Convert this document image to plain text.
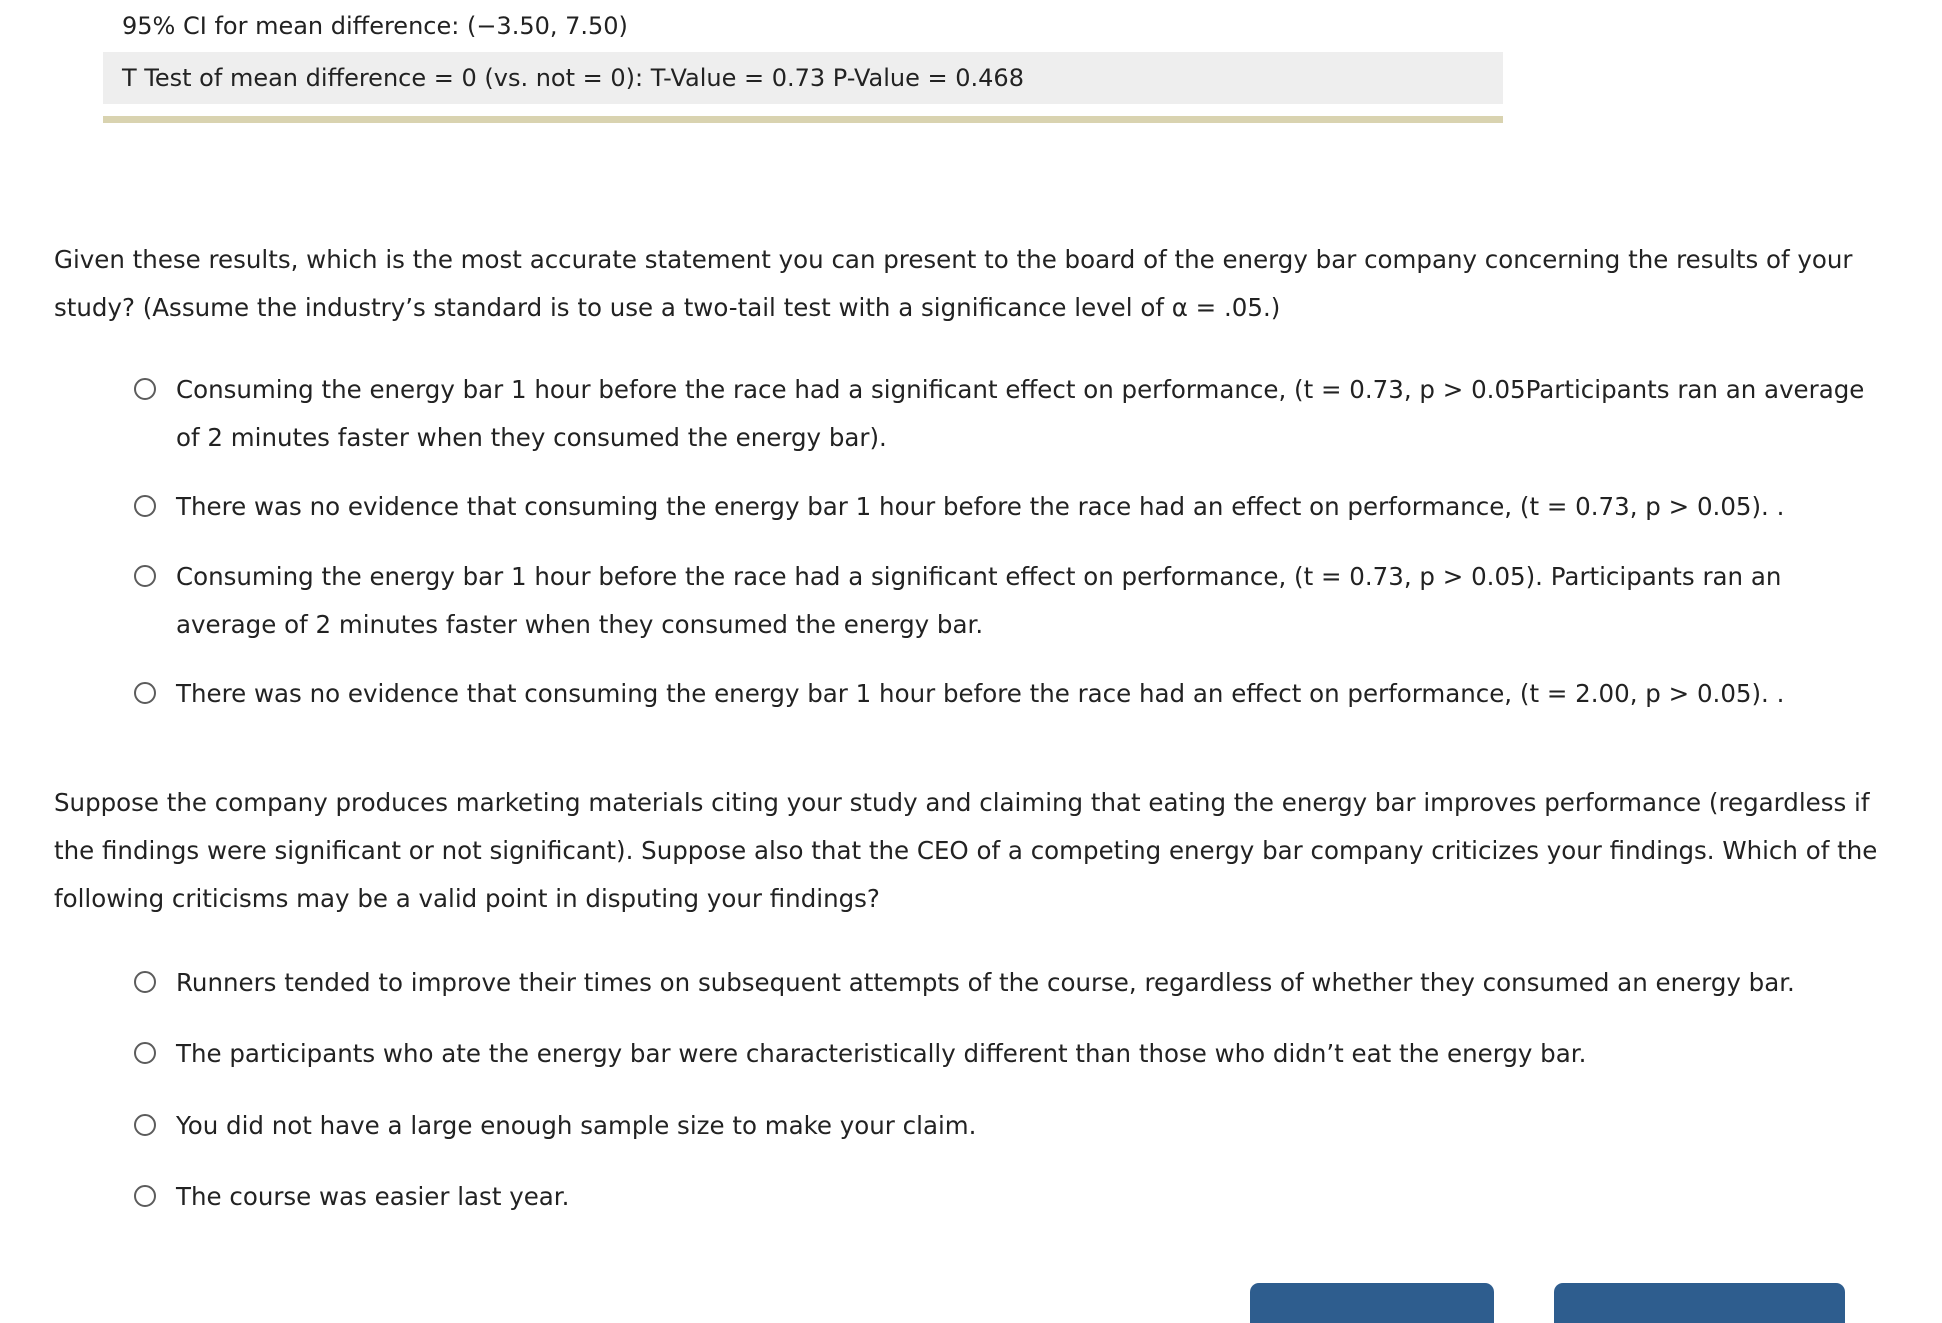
95% CI for mean difference: (−3.50, 7.50)
T Test of mean difference = 0 (vs. not = 0): T-Value = 0.73 P-Value = 0.468
Given these results, which is the most accurate statement you can present to the board of the energy bar company concerning the results of your study? (Assume the industry’s standard is to use a two-tail test with a significance level of α = .05.)
Consuming the energy bar 1 hour before the race had a significant effect on performance, (t = 0.73, p > 0.05Participants ran an average of 2 minutes faster when they consumed the energy bar).
There was no evidence that consuming the energy bar 1 hour before the race had an effect on performance, (t = 0.73, p > 0.05). .
Consuming the energy bar 1 hour before the race had a significant effect on performance, (t = 0.73, p > 0.05). Participants ran an average of 2 minutes faster when they consumed the energy bar.
There was no evidence that consuming the energy bar 1 hour before the race had an effect on performance, (t = 2.00, p > 0.05). .
Suppose the company produces marketing materials citing your study and claiming that eating the energy bar improves performance (regardless if the findings were significant or not significant). Suppose also that the CEO of a competing energy bar company criticizes your findings. Which of the following criticisms may be a valid point in disputing your findings?
Runners tended to improve their times on subsequent attempts of the course, regardless of whether they consumed an energy bar.
The participants who ate the energy bar were characteristically different than those who didn’t eat the energy bar.
You did not have a large enough sample size to make your claim.
The course was easier last year.
